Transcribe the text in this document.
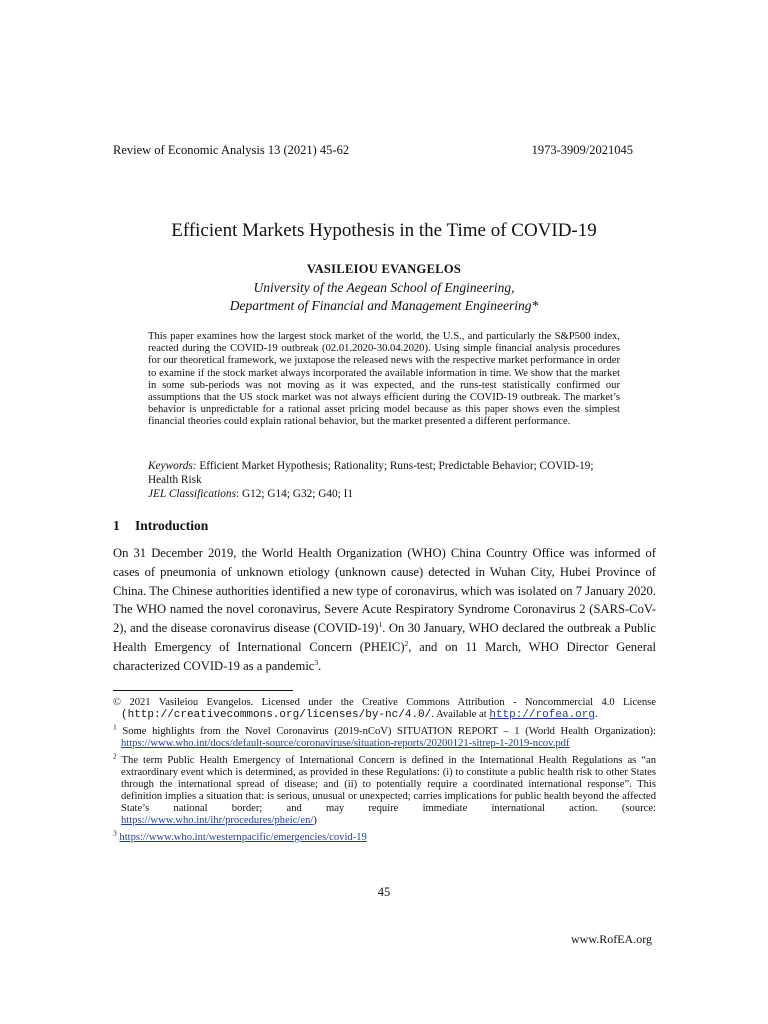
Review of Economic Analysis 13 (2021) 45-62	1973-3909/2021045
Efficient Markets Hypothesis in the Time of COVID-19
VASILEIOU EVANGELOS
University of the Aegean School of Engineering,
Department of Financial and Management Engineering*
This paper examines how the largest stock market of the world, the U.S., and particularly the S&P500 index, reacted during the COVID-19 outbreak (02.01.2020-30.04.2020). Using simple financial analysis procedures for our theoretical framework, we juxtapose the released news with the respective market performance in order to examine if the stock market always incorporated the available information in time. We show that the market in some sub-periods was not moving as it was expected, and the runs-test statistically confirmed our assumptions that the US stock market was not always efficient during the COVID-19 outbreak. The market’s behavior is unpredictable for a rational asset pricing model because as this paper shows even the simplest financial theories could explain rational behavior, but the market presented a different performance.
Keywords: Efficient Market Hypothesis; Rationality; Runs-test; Predictable Behavior; COVID-19; Health Risk
JEL Classifications: G12; G14; G32; G40; I1
1 Introduction
On 31 December 2019, the World Health Organization (WHO) China Country Office was informed of cases of pneumonia of unknown etiology (unknown cause) detected in Wuhan City, Hubei Province of China. The Chinese authorities identified a new type of coronavirus, which was isolated on 7 January 2020. The WHO named the novel coronavirus, Severe Acute Respiratory Syndrome Coronavirus 2 (SARS-CoV-2), and the disease coronavirus disease (COVID-19)$^1$. On 30 January, WHO declared the outbreak a Public Health Emergency of International Concern (PHEIC)$^2$, and on 11 March, WHO Director General characterized COVID-19 as a pandemic$^3$.
© 2021 Vasileiou Evangelos. Licensed under the Creative Commons Attribution - Noncommercial 4.0 License (http://creativecommons.org/licenses/by-nc/4.0/. Available at http://rofea.org.
$^1$ Some highlights from the Novel Coronavirus (2019-nCoV) SITUATION REPORT – 1 (World Health Organization): https://www.who.int/docs/default-source/coronaviruse/situation-reports/20200121-sitrep-1-2019-ncov.pdf
$^2$ The term Public Health Emergency of International Concern is defined in the International Health Regulations as “an extraordinary event which is determined, as provided in these Regulations: (i) to constitute a public health risk to other States through the international spread of disease; and (ii) to potentially require a coordinated international response”. This definition implies a situation that: is serious, unusual or unexpected; carries implications for public health beyond the affected State’s national border; and may require immediate international action. (source: https://www.who.int/ihr/procedures/pheic/en/)
$^3$ https://www.who.int/westernpacific/emergencies/covid-19
45
www.RofEA.org
